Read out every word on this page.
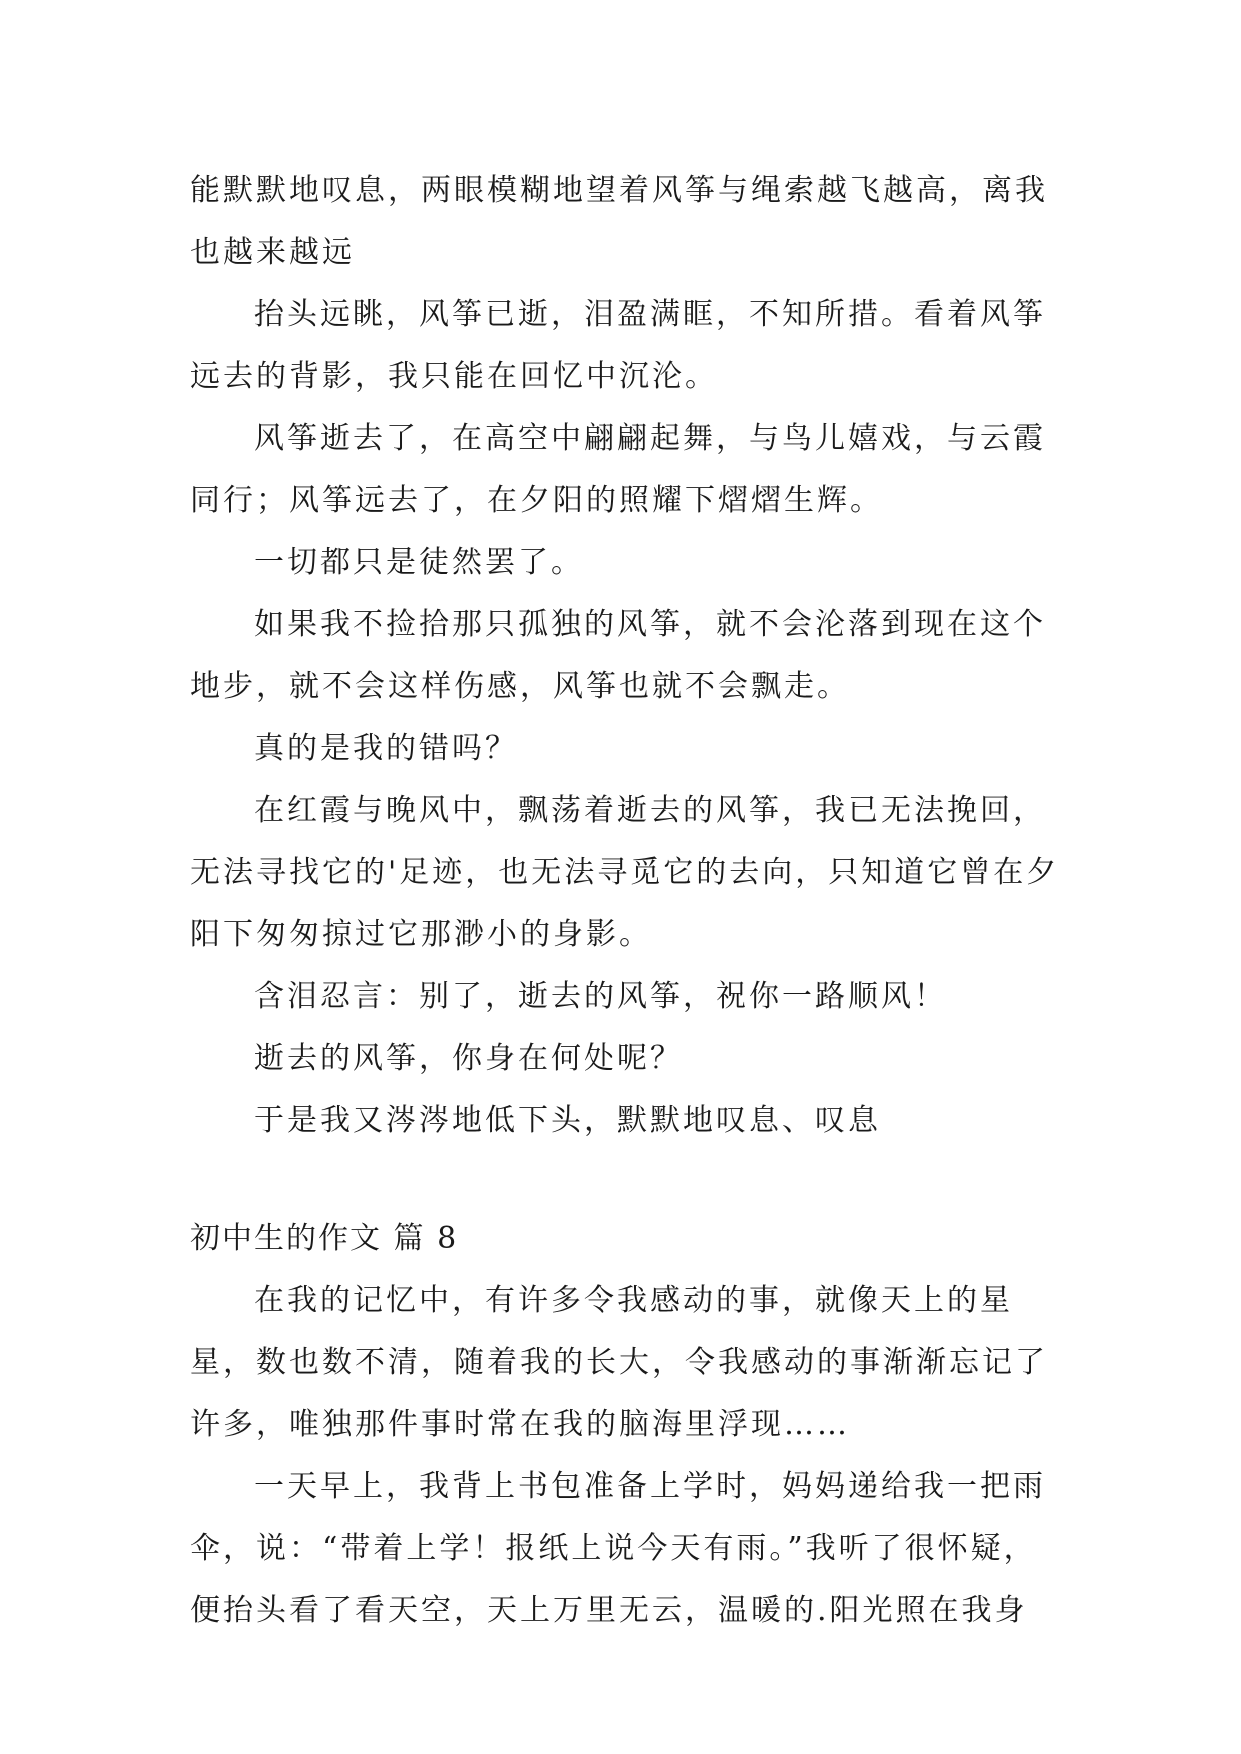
能默默地叹息，两眼模糊地望着风筝与绳索越飞越高，离我也越来越远

抬头远眺，风筝已逝，泪盈满眶，不知所措。看着风筝远去的背影，我只能在回忆中沉沦。

风筝逝去了，在高空中翩翩起舞，与鸟儿嬉戏，与云霞同行；风筝远去了，在夕阳的照耀下熠熠生辉。

一切都只是徒然罢了。

如果我不捡拾那只孤独的风筝，就不会沦落到现在这个地步，就不会这样伤感，风筝也就不会飘走。

真的是我的错吗？

在红霞与晚风中，飘荡着逝去的风筝，我已无法挽回，无法寻找它的'足迹，也无法寻觅它的去向，只知道它曾在夕阳下匆匆掠过它那渺小的身影。

含泪忍言：别了，逝去的风筝，祝你一路顺风！

逝去的风筝，你身在何处呢？

于是我又涔涔地低下头，默默地叹息、叹息

初中生的作文 篇 8

在我的记忆中，有许多令我感动的事，就像天上的星星，数也数不清，随着我的长大，令我感动的事渐渐忘记了许多，唯独那件事时常在我的脑海里浮现……

一天早上，我背上书包准备上学时，妈妈递给我一把雨伞，说：“带着上学！报纸上说今天有雨。”我听了很怀疑，便抬头看了看天空，天上万里无云，温暖的.阳光照在我身
